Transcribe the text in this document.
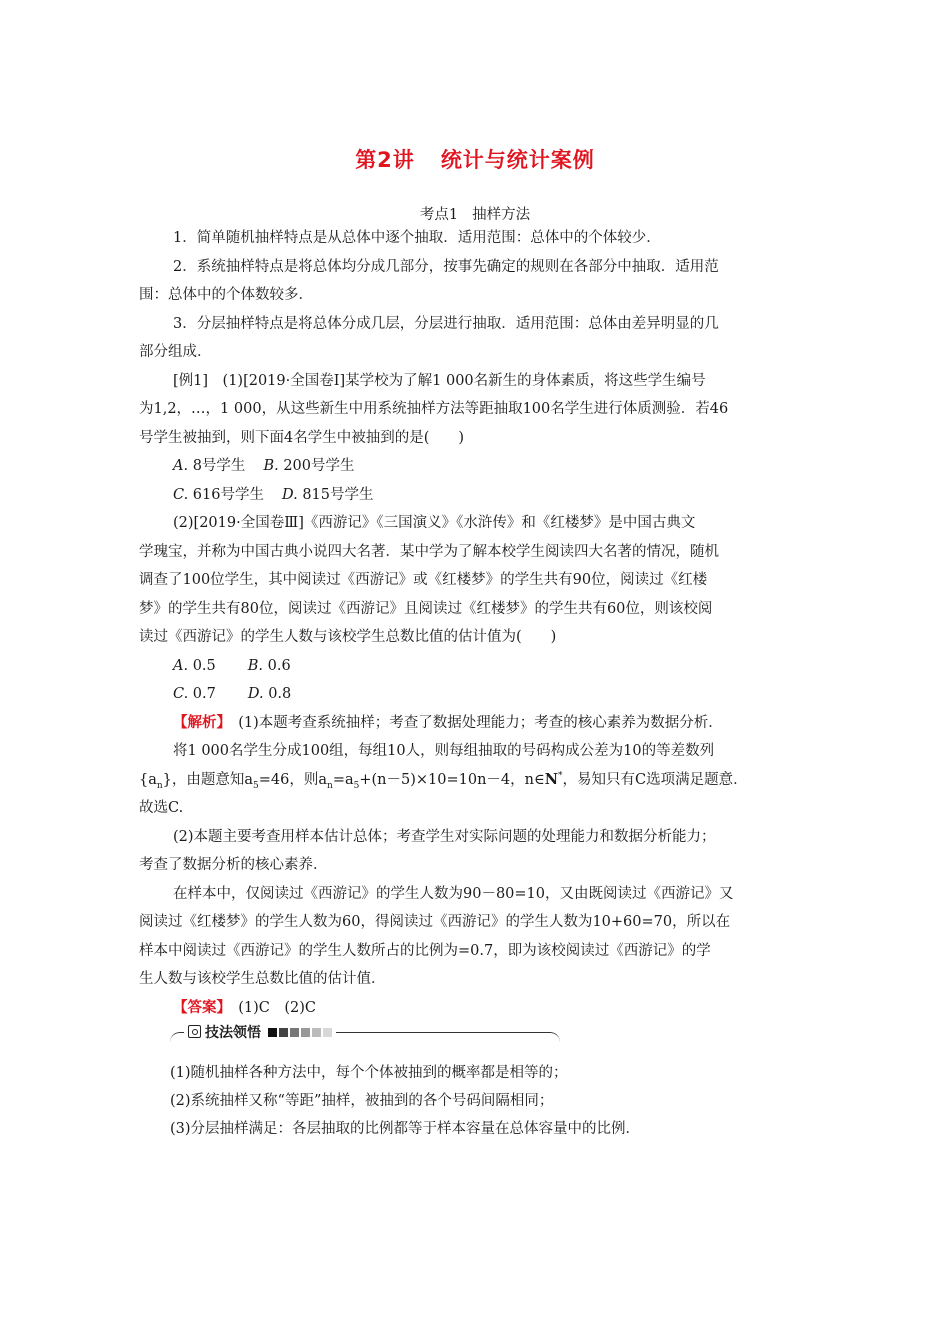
第2讲 统计与统计案例
考点1 抽样方法
1．简单随机抽样特点是从总体中逐个抽取．适用范围：总体中的个体较少．
2．系统抽样特点是将总体均分成几部分，按事先确定的规则在各部分中抽取．适用范
围：总体中的个体数较多．
3．分层抽样特点是将总体分成几层，分层进行抽取．适用范围：总体由差异明显的几
部分组成．
[例1]　(1)[2019·全国卷Ⅰ]某学校为了解1 000名新生的身体素质，将这些学生编号
为1,2，…，1 000，从这些新生中用系统抽样方法等距抽取100名学生进行体质测验．若46
号学生被抽到，则下面4名学生中被抽到的是(　　)
A. 8号学生 B. 200号学生
C. 616号学生 D. 815号学生
(2)[2019·全国卷Ⅲ]《西游记》《三国演义》《水浒传》和《红楼梦》是中国古典文
学瑰宝，并称为中国古典小说四大名著．某中学为了解本校学生阅读四大名著的情况，随机
调查了100位学生，其中阅读过《西游记》或《红楼梦》的学生共有90位，阅读过《红楼
梦》的学生共有80位，阅读过《西游记》且阅读过《红楼梦》的学生共有60位，则该校阅
读过《西游记》的学生人数与该校学生总数比值的估计值为(　　)
A. 0.5 B. 0.6
C. 0.7 D. 0.8
【解析】　 (1)本题考查系统抽样；考查了数据处理能力；考查的核心素养为数据分析．
将1 000名学生分成100组，每组10人，则每组抽取的号码构成公差为10的等差数列
$\{a_n\}$，由题意知$a_5=46$，则$a_n=a_5+(n-5)\times 10=10n-4$，n∈N*，易知只有C选项满足题意．
故选C.
(2)本题主要考查用样本估计总体；考查学生对实际问题的处理能力和数据分析能力；
考查了数据分析的核心素养．
在样本中，仅阅读过《西游记》的学生人数为90－80=10，又由既阅读过《西游记》又
阅读过《红楼梦》的学生人数为60，得阅读过《西游记》的学生人数为10+60=70，所以在
样本中阅读过《西游记》的学生人数所占的比例为=0.7，即为该校阅读过《西游记》的学
生人数与该校学生总数比值的估计值．
【答案】　 (1)C　(2)C
技法领悟
(1)随机抽样各种方法中，每个个体被抽到的概率都是相等的；
(2)系统抽样又称“等距”抽样，被抽到的各个号码间隔相同；
(3)分层抽样满足：各层抽取的比例都等于样本容量在总体容量中的比例．
